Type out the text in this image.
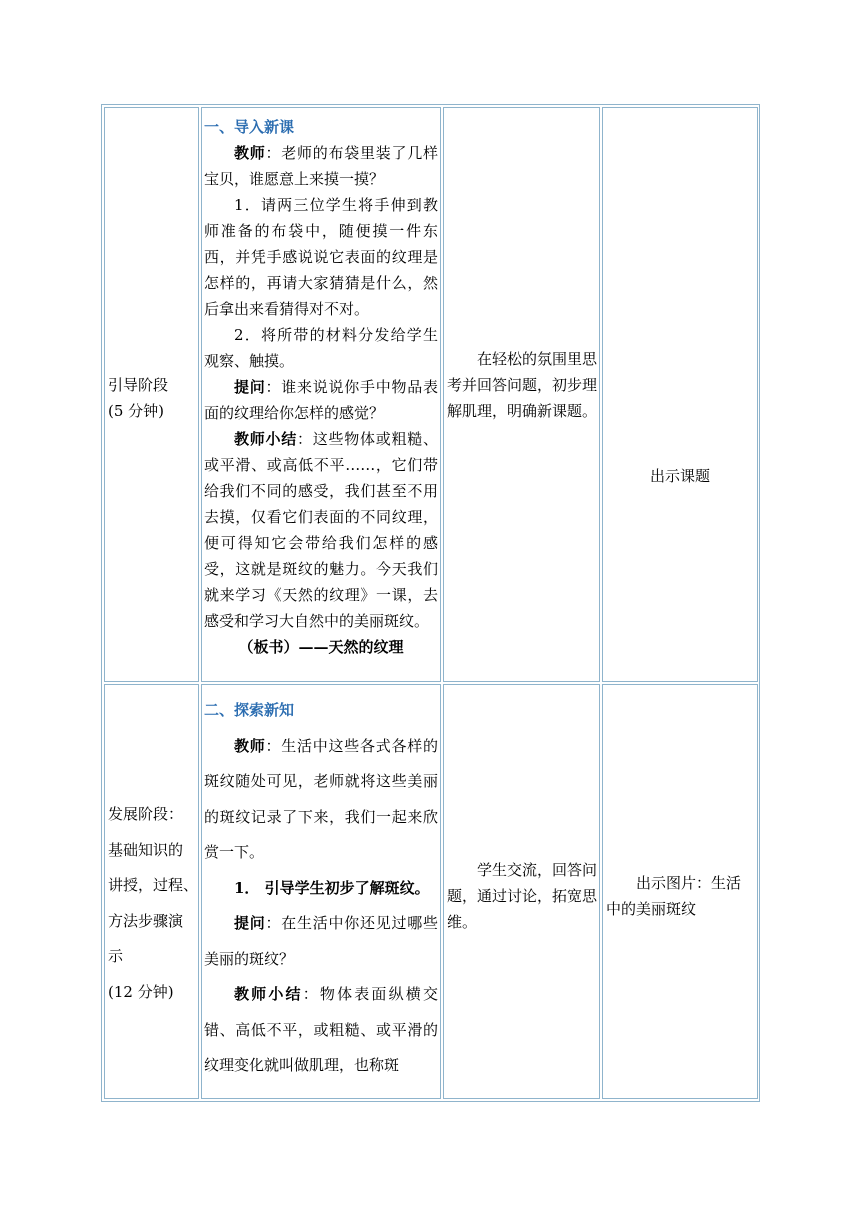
引导阶段

(5 分钟)

一、导入新课

教师：老师的布袋里装了几样宝贝，谁愿意上来摸一摸？

1．请两三位学生将手伸到教师准备的布袋中，随便摸一件东西，并凭手感说说它表面的纹理是怎样的，再请大家猜猜是什么，然后拿出来看猜得对不对。

2．将所带的材料分发给学生观察、触摸。

提问：谁来说说你手中物品表面的纹理给你怎样的感觉？

教师小结：这些物体或粗糙、或平滑、或高低不平……，它们带给我们不同的感受，我们甚至不用去摸，仅看它们表面的不同纹理，便可得知它会带给我们怎样的感受，这就是斑纹的魅力。今天我们就来学习《天然的纹理》一课，去感受和学习大自然中的美丽斑纹。

（板书）——天然的纹理

在轻松的氛围里思考并回答问题，初步理解肌理，明确新课题。

出示课题

发展阶段：

基础知识的

讲授，过程、

方法步骤演

示

(12 分钟)

二、探索新知

教师：生活中这些各式各样的斑纹随处可见，老师就将这些美丽的斑纹记录了下来，我们一起来欣赏一下。

1． 引导学生初步了解斑纹。

提问：在生活中你还见过哪些美丽的斑纹？

教师小结：物体表面纵横交错、高低不平，或粗糙、或平滑的纹理变化就叫做肌理，也称斑

学生交流，回答问题，通过讨论，拓宽思维。

出示图片：生活中的美丽斑纹
